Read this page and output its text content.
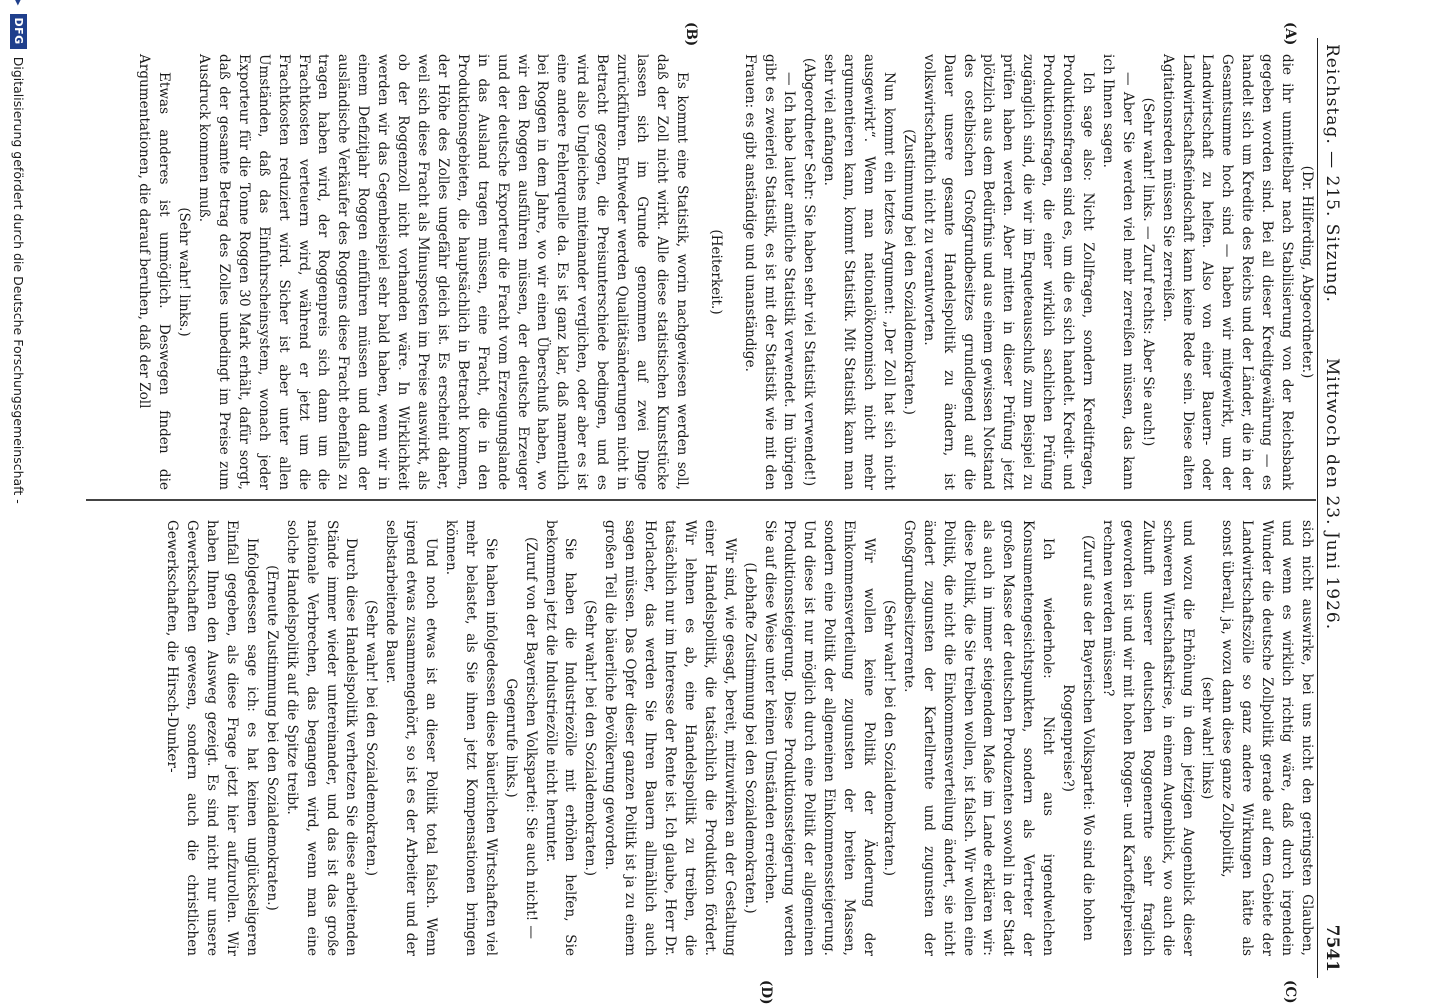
▸
DFG
Digitalisierung gefördert durch die Deutsche Forschungsgemeinschaft -	Reichstag. — 215. Sitzung.
Mittwoch den 23. Juni 1926.
7541
(A)
(B)
(C)
(D)

(Dr. Hilferding, Abgeordneter.)

die ihr unmittelbar nach Stabilisierung von der Reichsbank gegeben worden sind. Bei all dieser Kreditgewährung — es handelt sich um Kredite des Reichs und der Länder, die in der Gesamtsumme hoch sind — haben wir mitgewirkt, um der Landwirtschaft zu helfen. Also von einer Bauern- oder Landwirtschaftsfeindschaft kann keine Rede sein. Diese alten Agitationsreden müssen Sie zerreißen.

(Sehr wahr! links. — Zuruf rechts: Aber Sie auch!)

— Aber Sie werden viel mehr zerreißen müssen, das kann ich Ihnen sagen.

Ich sage also: Nicht Zollfragen, sondern Kreditfragen, Produktionsfragen sind es, um die es sich handelt. Kredit- und Produktionsfragen, die einer wirklich sachlichen Prüfung zugänglich sind, die wir im Enqueteausschuß zum Beispiel zu prüfen haben werden. Aber mitten in dieser Prüfung jetzt plötzlich aus dem Bedürfnis und aus einem gewissen Notstand des ostelbischen Großgrundbesitzes grundlegend auf die Dauer unsere gesamte Handelspolitik zu ändern, ist volkswirtschaftlich nicht zu verantworten.

(Zustimmung bei den Sozialdemokraten.)

Nun kommt ein letztes Argument: „Der Zoll hat sich nicht ausgewirkt“. Wenn man nationalökonomisch nicht mehr argumentieren kann, kommt Statistik. Mit Statistik kann man sehr viel anfangen.

(Abgeordneter Sehr: Sie haben sehr viel Statistik verwendet!)

— Ich habe lauter amtliche Statistik verwendet. Im übrigen gibt es zweierlei Statistik, es ist mit der Statistik wie mit den Frauen: es gibt anständige und unanständige.

(Heiterkeit.)

Es kommt eine Statistik, worin nachgewiesen werden soll, daß der Zoll nicht wirkt. Alle diese statistischen Kunststücke lassen sich im Grunde genommen auf zwei Dinge zurückführen. Entweder werden Qualitätsänderungen nicht in Betracht gezogen, die Preisunterschiede bedingen, und es wird also Ungleiches miteinander verglichen, oder aber es ist eine andere Fehlerquelle da. Es ist ganz klar, daß namentlich bei Roggen in dem Jahre, wo wir einen Überschuß haben, wo wir den Roggen ausführen müssen, der deutsche Erzeuger und der deutsche Exporteur die Fracht vom Erzeugungslande in das Ausland tragen müssen, eine Fracht, die in den Produktionsgebieten, die hauptsächlich in Betracht kommen, der Höhe des Zolles ungefähr gleich ist. Es erscheint daher, weil sich diese Fracht als Minusposten im Preise auswirkt, als ob der Roggenzoll nicht vorhanden wäre. In Wirklichkeit werden wir das Gegenbeispiel sehr bald haben, wenn wir in einem Defizitjahr Roggen einführen müssen und dann der ausländische Verkäufer des Roggens diese Fracht ebenfalls zu tragen haben wird, der Roggenpreis sich dann um die Frachtkosten verteuern wird, während er jetzt um die Frachtkosten reduziert wird. Sicher ist aber unter allen Umständen, daß das Einfuhrscheinsystem, wonach jeder Exporteur für die Tonne Roggen 30 Mark erhält, dafür sorgt, daß der gesamte Betrag des Zolles unbedingt im Preise zum Ausdruck kommen muß.

(Sehr wahr! links.)

Etwas anderes ist unmöglich. Deswegen finden die Argumentationen, die darauf beruhen, daß der Zoll

sich nicht auswirke, bei uns nicht den geringsten Glauben, und wenn es wirklich richtig wäre, daß durch irgendein Wunder die deutsche Zollpolitik gerade auf dem Gebiete der Landwirtschaftszölle so ganz andere Wirkungen hätte als sonst überall, ja, wozu dann diese ganze Zollpolitik,

(sehr wahr! links)

und wozu die Erhöhung in dem jetzigen Augenblick dieser schweren Wirtschaftskrise, in einem Augenblick, wo auch die Zukunft unserer deutschen Roggenernte sehr fraglich geworden ist und wir mit hohen Roggen- und Kartoffelpreisen rechnen werden müssen?

(Zuruf aus der Bayerischen Volkspartei: Wo sind die hohen Roggenpreise?)

Ich wiederhole: Nicht aus irgendwelchen Konsumentengesichtspunkten, sondern als Vertreter der großen Masse der deutschen Produzenten sowohl in der Stadt als auch in immer steigendem Maße im Lande erklären wir: diese Politik, die Sie treiben wollen, ist falsch. Wir wollen eine Politik, die nicht die Einkommensverteilung ändert, sie nicht ändert zugunsten der Kartellrente und zugunsten der Großgrundbesitzerrente.

(Sehr wahr! bei den Sozialdemokraten.)

Wir wollen keine Politik der Änderung der Einkommensverteilung zugunsten der breiten Massen, sondern eine Politik der allgemeinen Einkommenssteigerung. Und diese ist nur möglich durch eine Politik der allgemeinen Produktionssteigerung. Diese Produktionssteigerung werden Sie auf diese Weise unter keinen Umständen erreichen.

(Lebhafte Zustimmung bei den Sozialdemokraten.)

Wir sind, wie gesagt, bereit, mitzuwirken an der Gestaltung einer Handelspolitik, die tatsächlich die Produktion fördert. Wir lehnen es ab, eine Handelspolitik zu treiben, die tatsächlich nur im Interesse der Rente ist. Ich glaube, Herr Dr. Horlacher, das werden Sie Ihren Bauern allmählich auch sagen müssen. Das Opfer dieser ganzen Politik ist ja zu einem großen Teil die bäuerliche Bevölkerung geworden.

(Sehr wahr! bei den Sozialdemokraten.)

Sie haben die Industriezölle mit erhöhen helfen, Sie bekommen jetzt die Industriezölle nicht herunter.

(Zuruf von der Bayerischen Volkspartei: Sie auch nicht! — Gegenrufe links.)

Sie haben infolgedessen diese bäuerlichen Wirtschaften viel mehr belastet, als Sie ihnen jetzt Kompensationen bringen können.

Und noch etwas ist an dieser Politik total falsch. Wenn irgend etwas zusammengehört, so ist es der Arbeiter und der selbstarbeitende Bauer.

(Sehr wahr! bei den Sozialdemokraten.)

Durch diese Handelspolitik verhetzen Sie diese arbeitenden Stände immer wieder untereinander, und das ist das große nationale Verbrechen, das begangen wird, wenn man eine solche Handelspolitik auf die Spitze treibt.

(Erneute Zustimmung bei den Sozialdemokraten.)

Infolgedessen sage ich: es hat keinen unglückseligeren Einfall gegeben, als diese Frage jetzt hier aufzurollen. Wir haben Ihnen den Ausweg gezeigt. Es sind nicht nur unsere Gewerkschaften gewesen, sondern auch die christlichen Gewerkschaften, die Hirsch-Dunker-
